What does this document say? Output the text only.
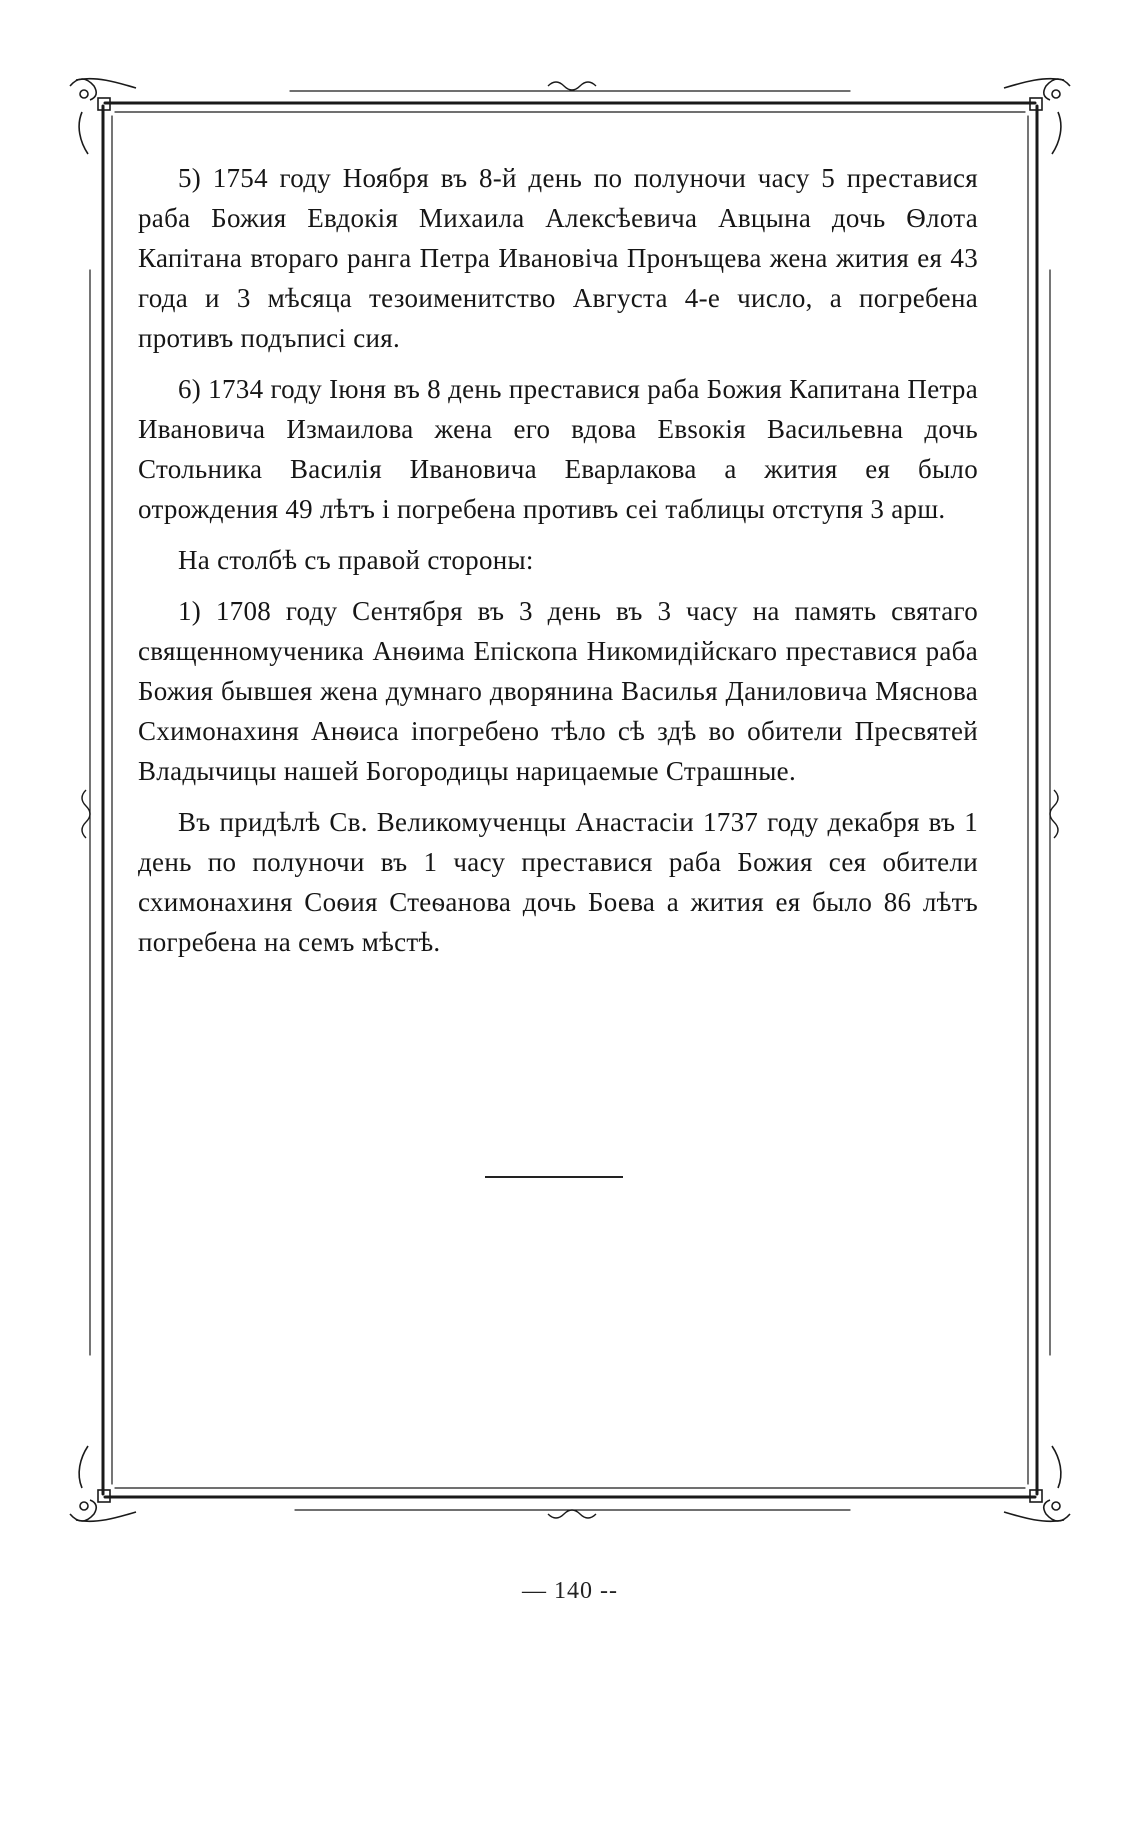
5) 1754 году Ноября въ 8-й день по полуночи часу 5 преставися раба Божия Евдокія Михаила Алексѣевича Авцына дочь Ѳлота Капітана втораго ранга Петра Ивановіча Пронъщева жена жития ея 43 года и 3 мѣсяца тезоименитство Августа 4-е число, а погребена противъ подъписі сия.

6) 1734 году Іюня въ 8 день преставися раба Божия Капитана Петра Ивановича Измаилова жена его вдова Евѕокія Васильевна дочь Стольника Василія Ивановича Еварлакова а жития ея было отрождения 49 лѣтъ і погребена противъ сеі таблицы отступя 3 арш.

На столбѣ съ правой стороны:

1) 1708 году Сентября въ 3 день въ 3 часу на память святаго священномученика Анѳима Епіскопа Никомидійскаго преставися раба Божия бывшея жена думнаго дворянина Василья Даниловича Мяснова Схимонахиня Анѳиса іпогребено тѣло сѣ здѣ во обители Пресвятей Владычицы нашей Богородицы нарицаемые Страшные.

Въ придѣлѣ Св. Великомученцы Анастасіи 1737 году декабря въ 1 день по полуночи въ 1 часу преставися раба Божия сея обители схимонахиня Соѳия Стеѳанова дочь Боева а жития ея было 86 лѣтъ погребена на семъ мѣстѣ.

— 140 --
